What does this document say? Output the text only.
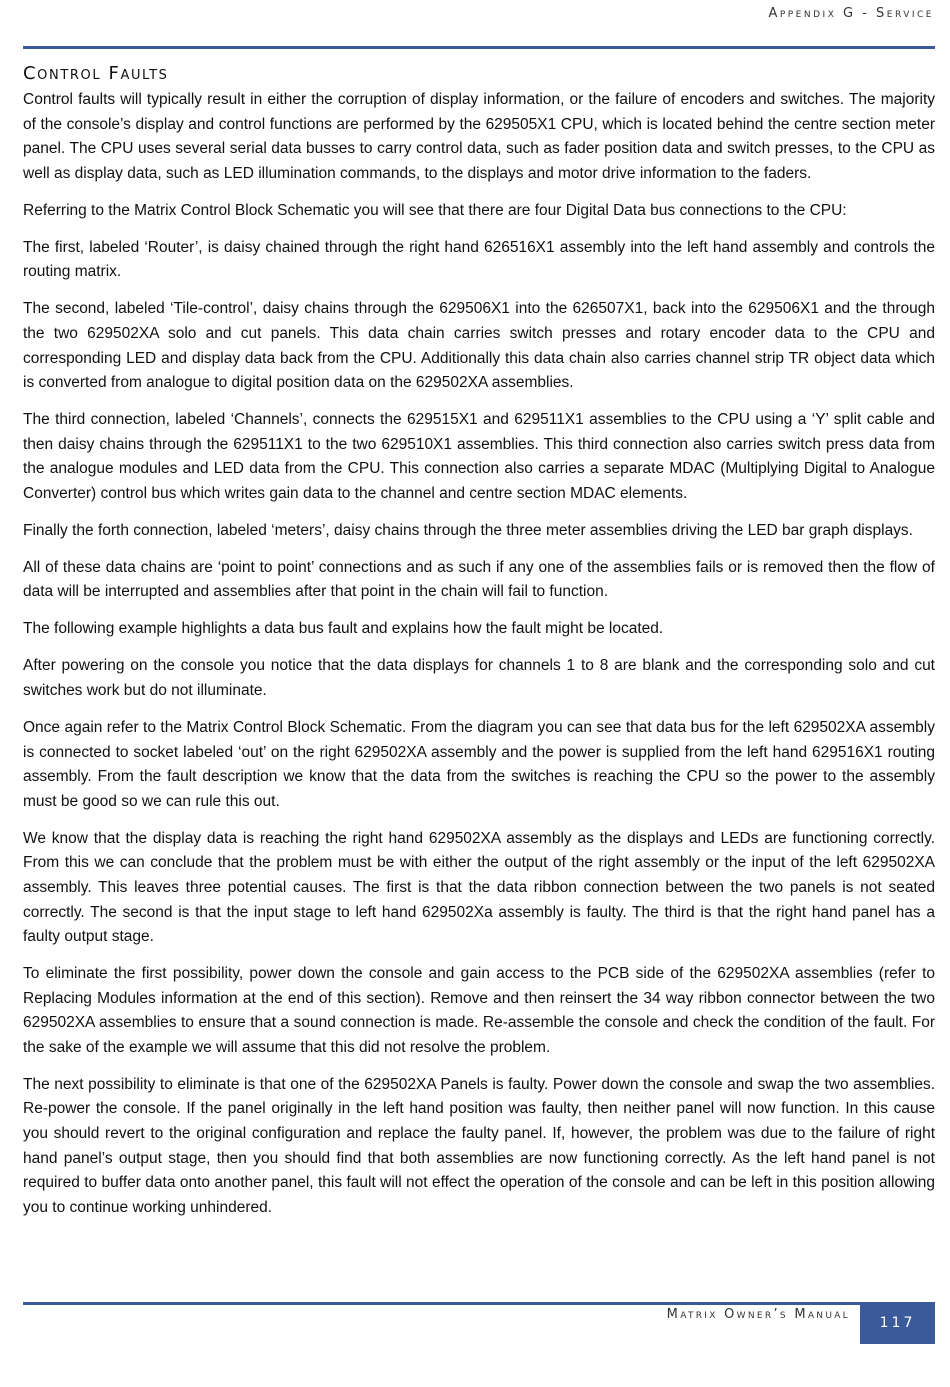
Appendix G - Service
Control Faults

Control faults will typically result in either the corruption of display information, or the failure of encoders and switches. The majority of the console’s display and control functions are performed by the 629505X1 CPU, which is located behind the centre section meter panel. The CPU uses several serial data busses to carry control data, such as fader position data and switch presses, to the CPU as well as display data, such as LED illumination commands, to the displays and motor drive information to the faders.

Referring to the Matrix Control Block Schematic you will see that there are four Digital Data bus connections to the CPU:

The first, labeled ‘Router’, is daisy chained through the right hand 626516X1 assembly into the left hand assembly and controls the routing matrix.

The second, labeled ‘Tile-control’, daisy chains through the 629506X1 into the 626507X1, back into the 629506X1 and the through the two 629502XA solo and cut panels. This data chain carries switch presses and rotary encoder data to the CPU and corresponding LED and display data back from the CPU. Additionally this data chain also carries channel strip TR object data which is converted from analogue to digital position data on the 629502XA assemblies.

The third connection, labeled ‘Channels’, connects the 629515X1 and 629511X1 assemblies to the CPU using a ‘Y’ split cable and then daisy chains through the 629511X1 to the two 629510X1 assemblies. This third connection also carries switch press data from the analogue modules and LED data from the CPU. This connection also carries a separate MDAC (Multiplying Digital to Analogue Converter) control bus which writes gain data to the channel and centre section MDAC elements.

Finally the forth connection, labeled ‘meters’, daisy chains through the three meter assemblies driving the LED bar graph displays.

All of these data chains are ‘point to point’ connections and as such if any one of the assemblies fails or is removed then the flow of data will be interrupted and assemblies after that point in the chain will fail to function.

The following example highlights a data bus fault and explains how the fault might be located.

After powering on the console you notice that the data displays for channels 1 to 8 are blank and the corresponding solo and cut switches work but do not illuminate.

Once again refer to the Matrix Control Block Schematic. From the diagram you can see that data bus for the left 629502XA assembly is connected to socket labeled ‘out’ on the right 629502XA assembly and the power is supplied from the left hand 629516X1 routing assembly. From the fault description we know that the data from the switches is reaching the CPU so the power to the assembly must be good so we can rule this out.

We know that the display data is reaching the right hand 629502XA assembly as the displays and LEDs are functioning correctly. From this we can conclude that the problem must be with either the output of the right assembly or the input of the left 629502XA assembly. This leaves three potential causes. The first is that the data ribbon connection between the two panels is not seated correctly. The second is that the input stage to left hand 629502Xa assembly is faulty. The third is that the right hand panel has a faulty output stage.

To eliminate the first possibility, power down the console and gain access to the PCB side of the 629502XA assemblies (refer to Replacing Modules information at the end of this section). Remove and then reinsert the 34 way ribbon connector between the two 629502XA assemblies to ensure that a sound connection is made. Re-assemble the console and check the condition of the fault. For the sake of the example we will assume that this did not resolve the problem.

The next possibility to eliminate is that one of the 629502XA Panels is faulty. Power down the console and swap the two assemblies. Re-power the console. If the panel originally in the left hand position was faulty, then neither panel will now function. In this cause you should revert to the original configuration and replace the faulty panel. If, however, the problem was due to the failure of right hand panel’s output stage, then you should find that both assemblies are now functioning correctly. As the left hand panel is not required to buffer data onto another panel, this fault will not effect the operation of the console and can be left in this position allowing you to continue working unhindered.

Matrix Owner’s Manual
117
